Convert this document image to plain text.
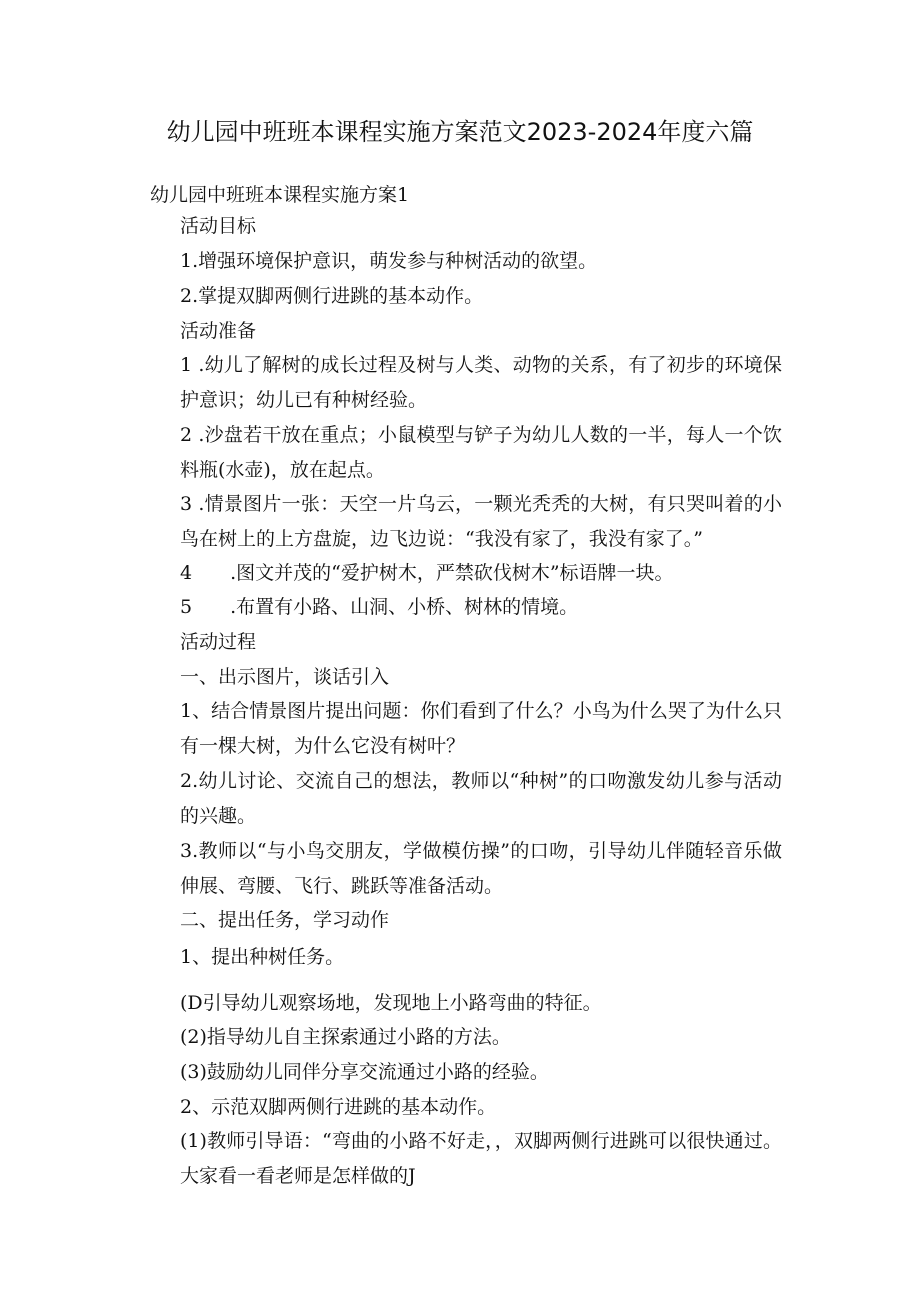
幼儿园中班班本课程实施方案范文2023-2024年度六篇
幼儿园中班班本课程实施方案1
活动目标
1.增强环境保护意识，萌发参与种树活动的欲望。
2.掌提双脚两侧行进跳的基本动作。
活动准备
1 .幼儿了解树的成长过程及树与人类、动物的关系，有了初步的环境保护意识；幼儿已有种树经验。
2 .沙盘若干放在重点；小鼠模型与铲子为幼儿人数的一半，每人一个饮料瓶(水壶)，放在起点。
3 .情景图片一张：天空一片乌云，一颗光秃秃的大树，有只哭叫着的小鸟在树上的上方盘旋，边飞边说：“我没有家了，我没有家了。”
4　　.图文并茂的“爱护树木，严禁砍伐树木”标语牌一块。
5　　.布置有小路、山洞、小桥、树林的情境。
活动过程
一、出示图片，谈话引入
1、结合情景图片提出问题：你们看到了什么？小鸟为什么哭了为什么只有一棵大树，为什么它没有树叶？
2.幼儿讨论、交流自己的想法，教师以“种树”的口吻激发幼儿参与活动的兴趣。
3.教师以“与小鸟交朋友，学做模仿操”的口吻，引导幼儿伴随轻音乐做伸展、弯腰、飞行、跳跃等准备活动。
二、提出任务，学习动作
1、提出种树任务。
(D引导幼儿观察场地，发现地上小路弯曲的特征。
(2)指导幼儿自主探索通过小路的方法。
(3)鼓励幼儿同伴分享交流通过小路的经验。
2、示范双脚两侧行进跳的基本动作。
(1)教师引导语：“弯曲的小路不好走，，双脚两侧行进跳可以很快通过。大家看一看老师是怎样做的J
